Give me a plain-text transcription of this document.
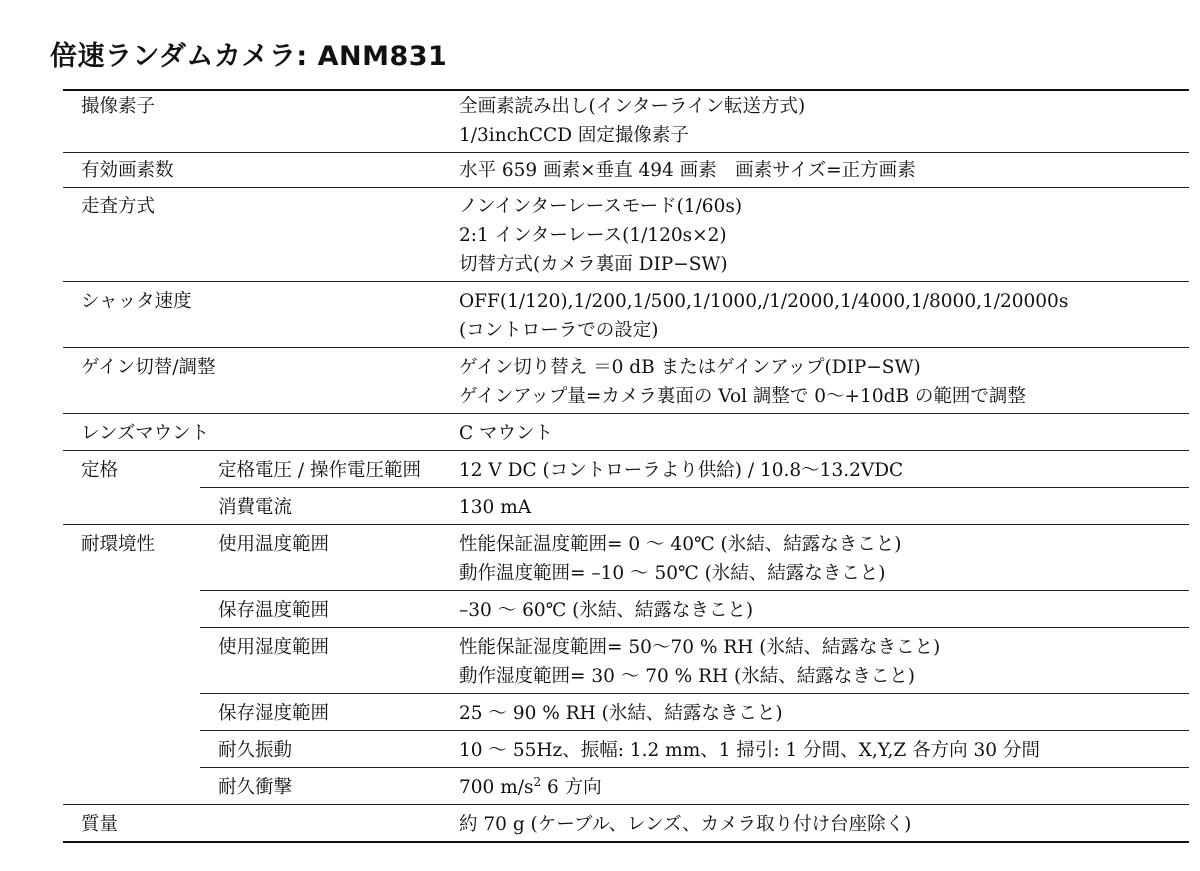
倍速ランダムカメラ: ANM831
撮像素子		全画素読み出し(インターライン転送方式)
1/3inchCCD 固定撮像素子

有効画素数		水平 659 画素×垂直 494 画素　画素サイズ=正方画素

走査方式		ノンインターレースモード(1/60s)
2:1 インターレース(1/120s×2)
切替方式(カメラ裏面 DIP−SW)

シャッタ速度		OFF(1/120),1/200,1/500,1/1000,/1/2000,1/4000,1/8000,1/20000s
(コントローラでの設定)

ゲイン切替/調整		ゲイン切り替え ＝0 dB またはゲインアップ(DIP−SW)
ゲインアップ量=カメラ裏面の Vol 調整で 0〜+10dB の範囲で調整

レンズマウント		C マウント

定格	定格電圧 / 操作電圧範囲	12 V DC (コントローラより供給) / 10.8〜13.2VDC

	消費電流	130 mA

耐環境性	使用温度範囲	性能保証温度範囲= 0 〜 40℃ (氷結、結露なきこと)
動作温度範囲= –10 〜 50℃ (氷結、結露なきこと)

	保存温度範囲	–30 〜 60℃ (氷結、結露なきこと)

	使用湿度範囲	性能保証湿度範囲= 50〜70 % RH (氷結、結露なきこと)
動作湿度範囲= 30 〜 70 % RH (氷結、結露なきこと)

	保存湿度範囲	25 〜 90 % RH (氷結、結露なきこと)

	耐久振動	10 〜 55Hz、振幅: 1.2 mm、1 掃引: 1 分間、X,Y,Z 各方向 30 分間

	耐久衝撃	700 $m/s^2$ 6 方向

質量		約 70 g (ケーブル、レンズ、カメラ取り付け台座除く)
